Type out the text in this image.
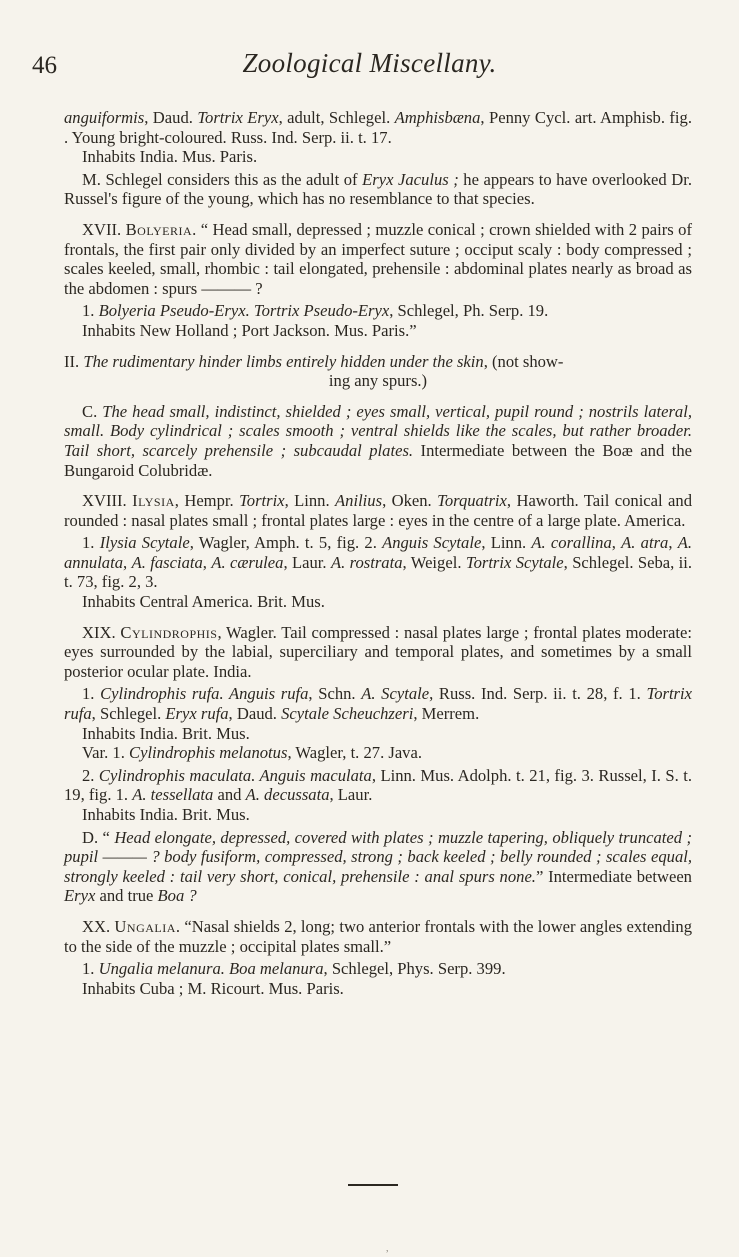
46	Zoological Miscellany.

anguiformis, Daud. Tortrix Eryx, adult, Schlegel. Amphisbæna, Penny Cycl. art. Amphisb. fig. . Young bright-coloured. Russ. Ind. Serp. ii. t. 17.
Inhabits India. Mus. Paris.

M. Schlegel considers this as the adult of Eryx Jaculus ; he appears to have overlooked Dr. Russel's figure of the young, which has no resemblance to that species.

XVII. Bolyeria. “ Head small, depressed ; muzzle conical ; crown shielded with 2 pairs of frontals, the first pair only divided by an imperfect suture ; occiput scaly : body compressed ; scales keeled, small, rhombic : tail elongated, prehensile : abdominal plates nearly as broad as the abdomen : spurs ——— ?

1. Bolyeria Pseudo-Eryx. Tortrix Pseudo-Eryx, Schlegel, Ph. Serp. 19.
Inhabits New Holland ; Port Jackson. Mus. Paris.”

II. The rudimentary hinder limbs entirely hidden under the skin, (not show-

ing any spurs.)

C. The head small, indistinct, shielded ; eyes small, vertical, pupil round ; nostrils lateral, small. Body cylindrical ; scales smooth ; ventral shields like the scales, but rather broader. Tail short, scarcely prehensile ; subcaudal plates. Intermediate between the Boæ and the Bungaroid Colubridæ.

XVIII. Ilysia, Hempr. Tortrix, Linn. Anilius, Oken. Torquatrix, Haworth. Tail conical and rounded : nasal plates small ; frontal plates large : eyes in the centre of a large plate. America.

1. Ilysia Scytale, Wagler, Amph. t. 5, fig. 2. Anguis Scytale, Linn. A. corallina, A. atra, A. annulata, A. fasciata, A. cærulea, Laur. A. rostrata, Weigel. Tortrix Scytale, Schlegel. Seba, ii. t. 73, fig. 2, 3.
Inhabits Central America. Brit. Mus.

XIX. Cylindrophis, Wagler. Tail compressed : nasal plates large ; frontal plates moderate: eyes surrounded by the labial, superciliary and temporal plates, and sometimes by a small posterior ocular plate. India.

1. Cylindrophis rufa. Anguis rufa, Schn. A. Scytale, Russ. Ind. Serp. ii. t. 28, f. 1. Tortrix rufa, Schlegel. Eryx rufa, Daud. Scytale Scheuchzeri, Merrem.
Inhabits India. Brit. Mus.
Var. 1. Cylindrophis melanotus, Wagler, t. 27. Java.

2. Cylindrophis maculata. Anguis maculata, Linn. Mus. Adolph. t. 21, fig. 3. Russel, I. S. t. 19, fig. 1. A. tessellata and A. decussata, Laur.
Inhabits India. Brit. Mus.

D. “ Head elongate, depressed, covered with plates ; muzzle tapering, obliquely truncated ; pupil ——— ? body fusiform, compressed, strong ; back keeled ; belly rounded ; scales equal, strongly keeled : tail very short, conical, prehensile : anal spurs none.” Intermediate between Eryx and true Boa ?

XX. Ungalia. “Nasal shields 2, long; two anterior frontals with the lower angles extending to the side of the muzzle ; occipital plates small.”

1. Ungalia melanura. Boa melanura, Schlegel, Phys. Serp. 399.
Inhabits Cuba ; M. Ricourt. Mus. Paris.

,
